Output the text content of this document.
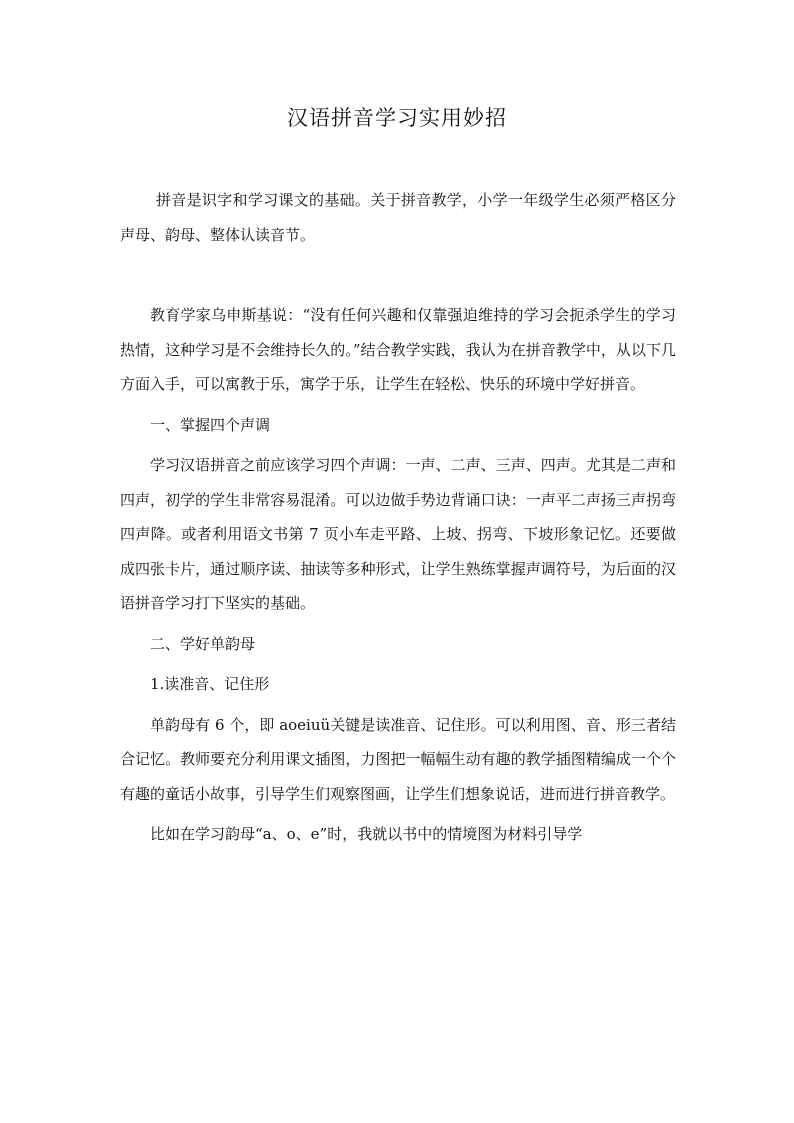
汉语拼音学习实用妙招

拼音是识字和学习课文的基础。关于拼音教学，小学一年级学生必须严格区分声母、韵母、整体认读音节。

教育学家乌申斯基说：“没有任何兴趣和仅靠强迫维持的学习会扼杀学生的学习热情，这种学习是不会维持长久的。”结合教学实践，我认为在拼音教学中，从以下几方面入手，可以寓教于乐，寓学于乐，让学生在轻松、快乐的环境中学好拼音。

一、掌握四个声调

学习汉语拼音之前应该学习四个声调：一声、二声、三声、四声。尤其是二声和四声，初学的学生非常容易混淆。可以边做手势边背诵口诀：一声平二声扬三声拐弯四声降。或者利用语文书第 7 页小车走平路、上坡、拐弯、下坡形象记忆。还要做成四张卡片，通过顺序读、抽读等多种形式，让学生熟练掌握声调符号，为后面的汉语拼音学习打下坚实的基础。

二、学好单韵母

1.读准音、记住形

单韵母有 6 个，即 aoeiuü关键是读准音、记住形。可以利用图、音、形三者结合记忆。教师要充分利用课文插图，力图把一幅幅生动有趣的教学插图精编成一个个有趣的童话小故事，引导学生们观察图画，让学生们想象说话，进而进行拼音教学。

比如在学习韵母“a、o、e”时，我就以书中的情境图为材料引导学
